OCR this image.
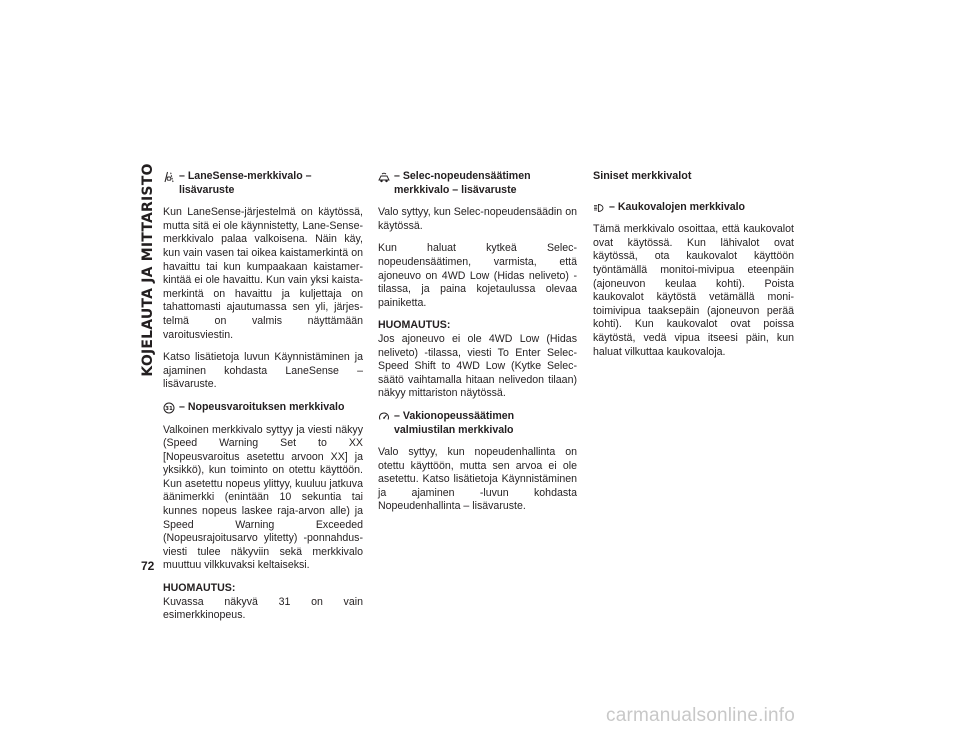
KOJELAUTA JA MITTARISTO – LaneSense-merkkivalo – lisävaruste

Kun LaneSense-järjestelmä on käytössä, mutta sitä ei ole käynnistetty, Lane-Sense-merkkivalo palaa valkoisena. Näin käy, kun vain vasen tai oikea kaistamerkintä on havaittu tai kun kumpaakaan kaistamer-kintää ei ole havaittu. Kun vain yksi kaista-merkintä on havaittu ja kuljettaja on tahattomasti ajautumassa sen yli, järjes-telmä on valmis näyttämään varoitusviestin.

Katso lisätietoja luvun Käynnistäminen ja ajaminen kohdasta LaneSense – lisävaruste.

31 – Nopeusvaroituksen merkkivalo

Valkoinen merkkivalo syttyy ja viesti näkyy (Speed Warning Set to XX [Nopeusvaroitus asetettu arvoon XX] ja yksikkö), kun toiminto on otettu käyttöön. Kun asetettu nopeus ylittyy, kuuluu jatkuva äänimerkki (enintään 10 sekuntia tai kunnes nopeus laskee raja-arvon alle) ja Speed Warning Exceeded (Nopeusrajoitusarvo ylitetty) -ponnahdus-viesti tulee näkyviin sekä merkkivalo muuttuu vilkkuvaksi keltaiseksi.

HUOMAUTUS:

Kuvassa näkyvä 31 on vain esimerkkinopeus.

– Selec-nopeudensäätimen merkkivalo – lisävaruste

Valo syttyy, kun Selec-nopeudensäädin on käytössä.

Kun haluat kytkeä Selec-nopeudensäätimen, varmista, että ajoneuvo on 4WD Low (Hidas neliveto) -tilassa, ja paina kojetaulussa olevaa painiketta.

HUOMAUTUS:

Jos ajoneuvo ei ole 4WD Low (Hidas neliveto) -tilassa, viesti To Enter Selec-Speed Shift to 4WD Low (Kytke Selec-säätö vaihtamalla hitaan nelivedon tilaan) näkyy mittariston näytössä.

– Vakionopeussäätimen valmiustilan merkkivalo

Valo syttyy, kun nopeudenhallinta on otettu käyttöön, mutta sen arvoa ei ole asetettu. Katso lisätietoja Käynnistäminen ja ajaminen -luvun kohdasta Nopeudenhallinta – lisävaruste.

Siniset merkkivalot
– Kaukovalojen merkkivalo

Tämä merkkivalo osoittaa, että kaukovalot ovat käytössä. Kun lähivalot ovat käytössä, ota kaukovalot käyttöön työntämällä monitoi-mivipua eteenpäin (ajoneuvon keulaa kohti). Poista kaukovalot käytöstä vetämällä moni-toimivipua taaksepäin (ajoneuvon perää kohti). Kun kaukovalot ovat poissa käytöstä, vedä vipua itseesi päin, kun haluat vilkuttaa kaukovaloja.

72
carmanualsonline.info
